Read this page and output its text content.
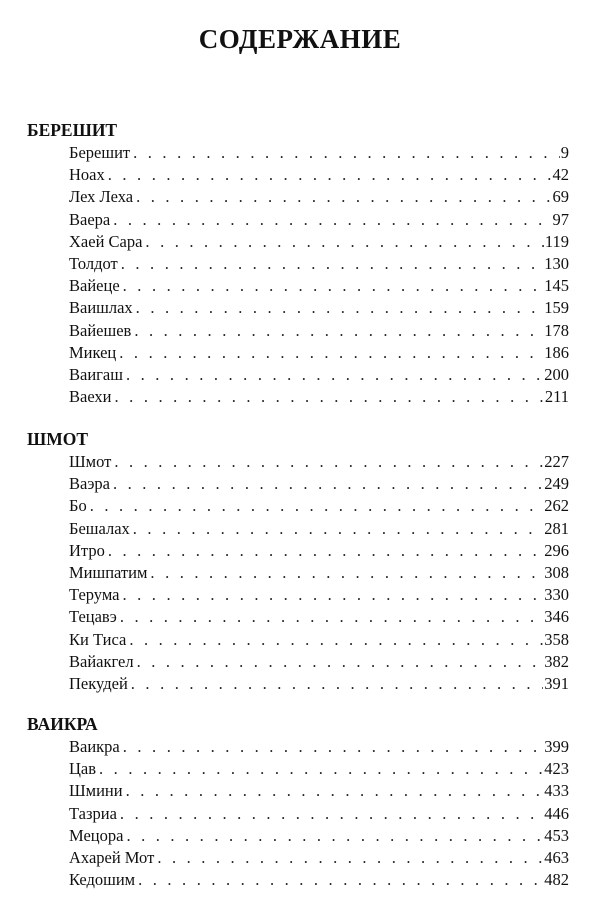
СОДЕРЖАНИЕ
БЕРЕШИТ
Берешит . . .	9
Ноах . . .	42
Лех Леха . . .	69
Ваера . . .	97
Хаей Сара . . .	119
Толдот . . .	130
Вайеце . . .	145
Ваишлах . . .	159
Вайешев . . .	178
Микец . . .	186
Ваигаш . . .	200
Ваехи . . .	211
ШМОТ
Шмот . . .	227
Ваэра . . .	249
Бо . . .	262
Бешалах . . .	281
Итро . . .	296
Мишпатим . . .	308
Терума . . .	330
Тецавэ . . .	346
Ки Тиса . . .	358
Вайакгел . . .	382
Пекудей . . .	391
ВАИКРА
Ваикра . . .	399
Цав . . .	423
Шмини . . .	433
Тазриа . . .	446
Мецора . . .	453
Ахарей Мот . . .	463
Кедошим . . .	482
